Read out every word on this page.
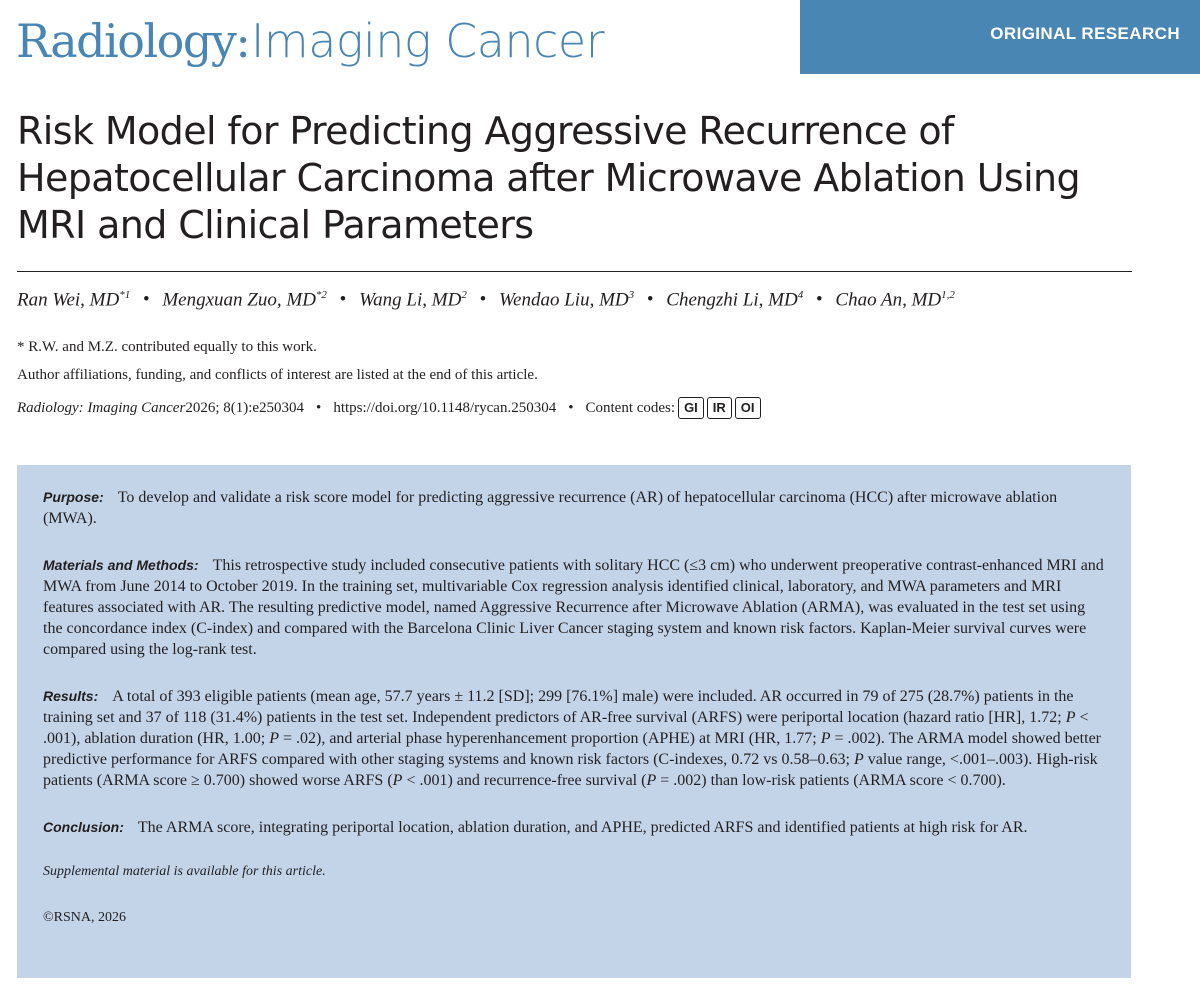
Radiology:Imaging Cancer	ORIGINAL RESEARCH
Risk Model for Predicting Aggressive Recurrence of Hepatocellular Carcinoma after Microwave Ablation Using MRI and Clinical Parameters
Ran Wei, MD$^{*1}$ • Mengxuan Zuo, MD$^{*2}$ • Wang Li, $MD^2$ • Wendao Liu, $MD^3$ • Chengzhi Li, $MD^4$ • Chao An, MD$^{1,2}$
* R.W. and M.Z. contributed equally to this work.
Author affiliations, funding, and conflicts of interest are listed at the end of this article.
Radiology: Imaging Cancer 2026; 8(1):e250304 • https://doi.org/10.1148/rycan.250304 • Content codes: GI	IR	OI

Purpose: To develop and validate a risk score model for predicting aggressive recurrence (AR) of hepatocellular carcinoma (HCC) after microwave ablation (MWA).

Materials and Methods: This retrospective study included consecutive patients with solitary HCC (≤3 cm) who underwent preoperative contrast-enhanced MRI and MWA from June 2014 to October 2019. In the training set, multivariable Cox regression analysis identified clinical, laboratory, and MWA parameters and MRI features associated with AR. The resulting predictive model, named Aggressive Recurrence after Microwave Ablation (ARMA), was evaluated in the test set using the concordance index (C-index) and compared with the Barcelona Clinic Liver Cancer staging system and known risk factors. Kaplan-Meier survival curves were compared using the log-rank test.

Results: A total of 393 eligible patients (mean age, 57.7 years ± 11.2 [SD]; 299 [76.1%] male) were included. AR occurred in 79 of 275 (28.7%) patients in the training set and 37 of 118 (31.4%) patients in the test set. Independent predictors of AR-free survival (ARFS) were periportal location (hazard ratio [HR], 1.72; P < .001), ablation duration (HR, 1.00; P = .02), and arterial phase hyperenhancement proportion (APHE) at MRI (HR, 1.77; P = .002). The ARMA model showed better predictive performance for ARFS compared with other staging systems and known risk factors (C-indexes, 0.72 vs 0.58–0.63; P value range, <.001–.003). High-risk patients (ARMA score ≥ 0.700) showed worse ARFS (P < .001) and recurrence-free survival (P = .002) than low-risk patients (ARMA score < 0.700).

Conclusion: The ARMA score, integrating periportal location, ablation duration, and APHE, predicted ARFS and identified patients at high risk for AR.

Supplemental material is available for this article.

©RSNA, 2026
